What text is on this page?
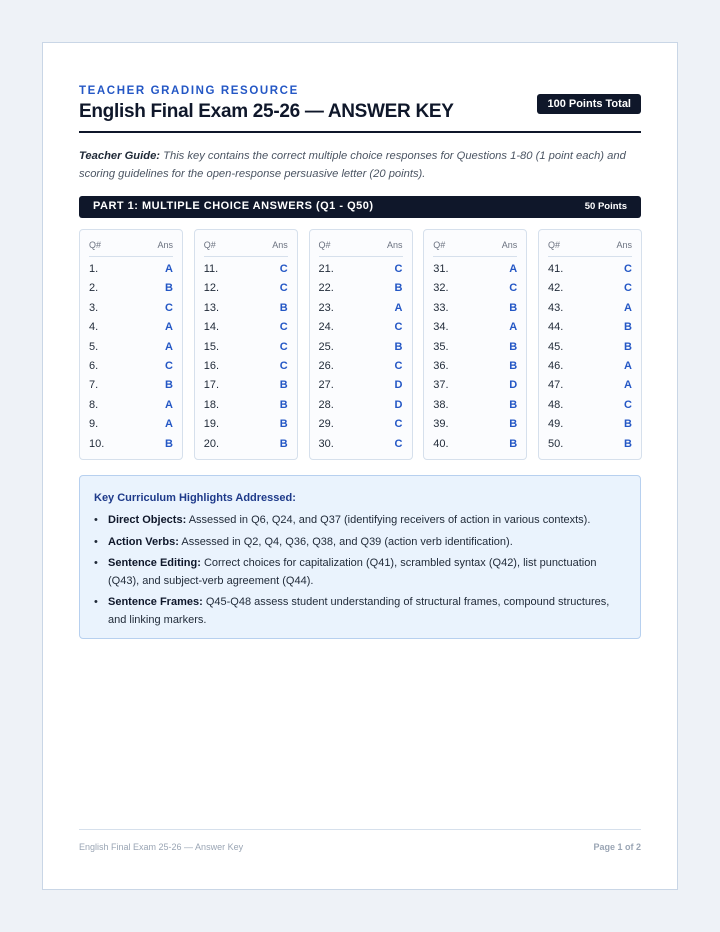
TEACHER GRADING RESOURCE
English Final Exam 25-26 — ANSWER KEY	100 Points Total
Teacher Guide: This key contains the correct multiple choice responses for Questions 1-80 (1 point each) and scoring guidelines for the open-response persuasive letter (20 points).
PART 1: MULTIPLE CHOICE ANSWERS (Q1 - Q50)	50 Points
Q#	Ans
1.	A
2.	B
3.	C
4.	A
5.	A
6.	C
7.	B
8.	A
9.	A
10.	B
Q#	Ans
11.	C
12.	C
13.	B
14.	C
15.	C
16.	C
17.	B
18.	B
19.	B
20.	B
Q#	Ans
21.	C
22.	B
23.	A
24.	C
25.	B
26.	C
27.	D
28.	D
29.	C
30.	C
Q#	Ans
31.	A
32.	C
33.	B
34.	A
35.	B
36.	B
37.	D
38.	B
39.	B
40.	B
Q#	Ans
41.	C
42.	C
43.	A
44.	B
45.	B
46.	A
47.	A
48.	C
49.	B
50.	B
Key Curriculum Highlights Addressed:
• Direct Objects: Assessed in Q6, Q24, and Q37 (identifying receivers of action in various contexts).
• Action Verbs: Assessed in Q2, Q4, Q36, Q38, and Q39 (action verb identification).
• Sentence Editing: Correct choices for capitalization (Q41), scrambled syntax (Q42), list punctuation (Q43), and subject-verb agreement (Q44).
• Sentence Frames: Q45-Q48 assess student understanding of structural frames, compound structures, and linking markers.
English Final Exam 25-26 — Answer Key	Page 1 of 2
